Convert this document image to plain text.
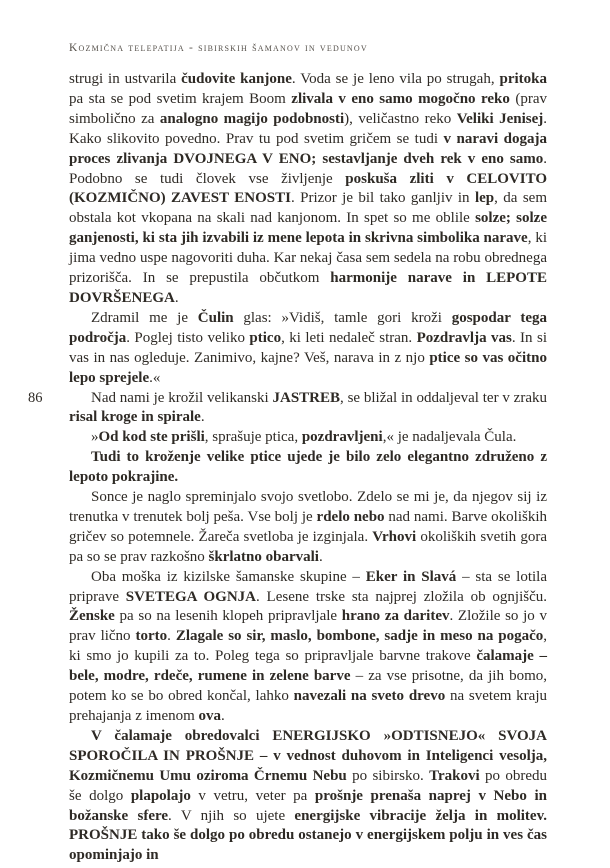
Kozmična telepatija - sibirskih šamanov in vedunov
86

strugi in ustvarila čudovite kanjone. Voda se je leno vila po strugah, pritoka pa sta se pod svetim krajem Boom zlivala v eno samo mogočno reko (prav simbolično za analogno magijo podobnosti), veličastno reko Veliki Jenisej. Kako slikovito povedno. Prav tu pod svetim gričem se tudi v naravi dogaja proces zlivanja DVOJNEGA V ENO; sestavljanje dveh rek v eno samo. Podobno se tudi človek vse življenje poskuša zliti v CELOVITO (KOZMIČNO) ZAVEST ENOSTI. Prizor je bil tako ganljiv in lep, da sem obstala kot vkopana na skali nad kanjonom. In spet so me oblile solze; solze ganjenosti, ki sta jih izvabili iz mene lepota in skrivna simbolika narave, ki jima vedno uspe nagovoriti duha. Kar nekaj časa sem sedela na robu obrednega prizorišča. In se prepustila občutkom harmonije narave in LEPOTE DOVRŠENEGA.

Zdramil me je Čulin glas: »Vidiš, tamle gori kroži gospodar tega področja. Poglej tisto veliko ptico, ki leti nedaleč stran. Pozdravlja vas. In si vas in nas ogleduje. Zanimivo, kajne? Veš, narava in z njo ptice so vas očitno lepo sprejele.«

Nad nami je krožil velikanski JASTREB, se bližal in oddaljeval ter v zraku risal kroge in spirale.

»Od kod ste prišli, sprašuje ptica, pozdravljeni,« je nadaljevala Čula.

Tudi to kroženje velike ptice ujede je bilo zelo elegantno združeno z lepoto pokrajine.

Sonce je naglo spreminjalo svojo svetlobo. Zdelo se mi je, da njegov sij iz trenutka v trenutek bolj peša. Vse bolj je rdelo nebo nad nami. Barve okoliških gričev so potemnele. Žareča svetloba je izginjala. Vrhovi okoliških svetih gora pa so se prav razkošno škrlatno obarvali.

Oba moška iz kizilske šamanske skupine – Eker in Slavá – sta se lotila priprave SVETEGA OGNJA. Lesene trske sta najprej zložila ob ognjišču. Ženske pa so na lesenih klopeh pripravljale hrano za daritev. Zložile so jo v prav lično torto. Zlagale so sir, maslo, bombone, sadje in meso na pogačo, ki smo jo kupili za to. Poleg tega so pripravljale barvne trakove čalamaje – bele, modre, rdeče, rumene in zelene barve – za vse prisotne, da jih bomo, potem ko se bo obred končal, lahko navezali na sveto drevo na svetem kraju prehajanja z imenom ova.

V čalamaje obredovalci ENERGIJSKO »ODTISNEJO« SVOJA SPOROČILA IN PROŠNJE – v vednost duhovom in Inteligenci vesolja, Kozmičnemu Umu oziroma Črnemu Nebu po sibirsko. Trakovi po obredu še dolgo plapolajo v vetru, veter pa prošnje prenaša naprej v Nebo in božanske sfere. V njih so ujete energijske vibracije želja in molitev. PROŠNJE tako še dolgo po obredu ostanejo v energijskem polju in ves čas opominjajo in
